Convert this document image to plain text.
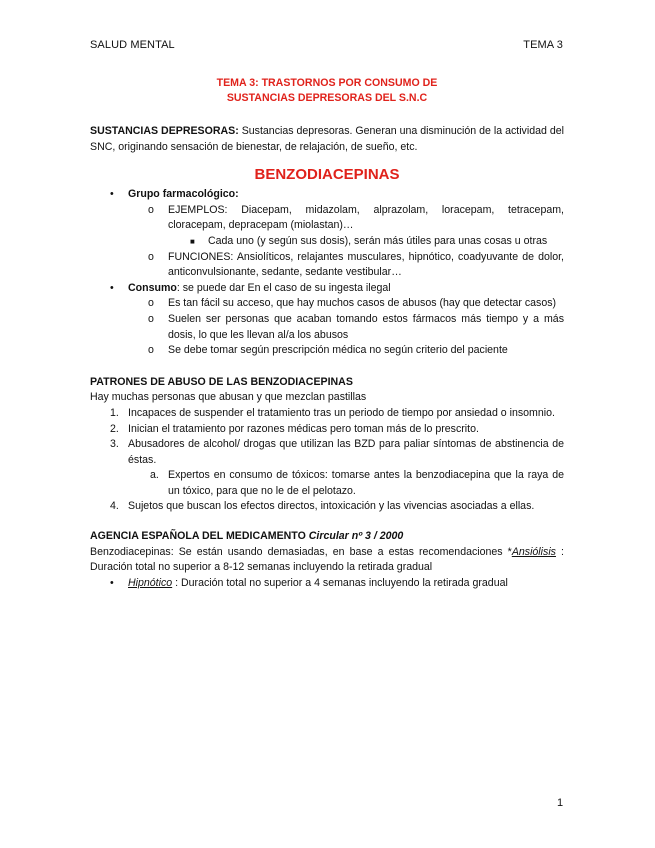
SALUD MENTAL	TEMA 3
TEMA 3: TRASTORNOS POR CONSUMO DE
SUSTANCIAS DEPRESORAS DEL S.N.C

SUSTANCIAS DEPRESORAS: Sustancias depresoras. Generan una disminución de la actividad del SNC, originando sensación de bienestar, de relajación, de sueño, etc.

BENZODIACEPINAS
• Grupo farmacológico:
o EJEMPLOS: Diacepam, midazolam, alprazolam, loracepam, tetracepam, cloracepam, depracepam (miolastan)…
■ Cada uno (y según sus dosis), serán más útiles para unas cosas u otras
o FUNCIONES: Ansiolíticos, relajantes musculares, hipnótico, coadyuvante de dolor, anticonvulsionante, sedante, sedante vestibular…
• Consumo: se puede dar En el caso de su ingesta ilegal
o Es tan fácil su acceso, que hay muchos casos de abusos (hay que detectar casos)
o Suelen ser personas que acaban tomando estos fármacos más tiempo y a más dosis, lo que les llevan al/a los abusos
o Se debe tomar según prescripción médica no según criterio del paciente
PATRONES DE ABUSO DE LAS BENZODIACEPINAS
Hay muchas personas que abusan y que mezclan pastillas
1. Incapaces de suspender el tratamiento tras un periodo de tiempo por ansiedad o insomnio.
2. Inician el tratamiento por razones médicas pero toman más de lo prescrito.
3. Abusadores de alcohol/ drogas que utilizan las BZD para paliar síntomas de abstinencia de éstas.
a. Expertos en consumo de tóxicos: tomarse antes la benzodiacepina que la raya de un tóxico, para que no le de el pelotazo.
4. Sujetos que buscan los efectos directos, intoxicación y las vivencias asociadas a ellas.
AGENCIA ESPAÑOLA DEL MEDICAMENTO Circular nº 3 / 2000

Benzodiacepinas: Se están usando demasiadas, en base a estas recomendaciones *Ansiólisis : Duración total no superior a 8-12 semanas incluyendo la retirada gradual

• Hipnótico : Duración total no superior a 4 semanas incluyendo la retirada gradual
1
